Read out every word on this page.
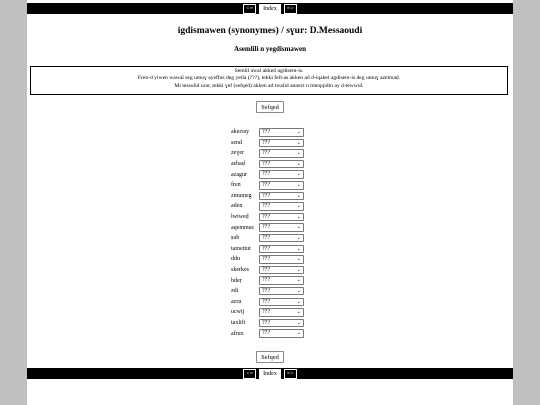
<=	Index	=>
igdismawen (synonymes) / sɣur: D.Messaoudi
Asemlili n yegdismawen
Semlil awal akked ugdisem-is.
Fren-d yiwen wawal seg umuɣ ayeffus deg yella (???), tekki fell-as akken ad d-iqabel agdisem-is deg umuɣ azelmaḍ.
Mi tessulid urar, tekki ɣef (sefqed) akken ad twalid annect n tmeqqidin ay d-tewwid.
Sefqed
akerray	???	⌄
send	???	⌄
zeɣer	???	⌄
aɛbaḍ	???	⌄
azagur	???	⌄
fren	???	⌄
zmumeg	???	⌄
aden	???	⌄
lwiweḍ	???	⌄
aqemmuc	???	⌄
ṣub	???	⌄
tamettut	???	⌄
ddu	???	⌄
skerkes	???	⌄
bdeṛ	???	⌄
zdi	???	⌄
azru	???	⌄
ucwij	???	⌄
taxlift	???	⌄
afrux	???	⌄
Sefqed
<=	Index	=>
